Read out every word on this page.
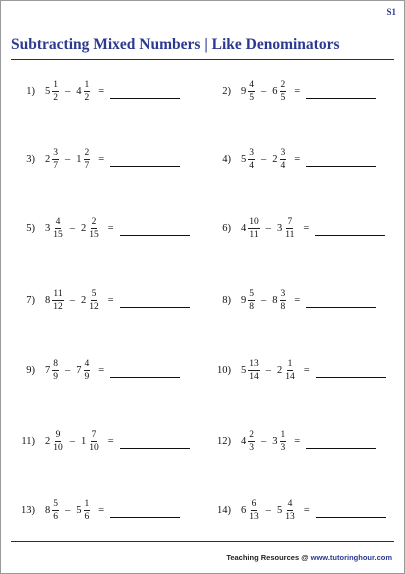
S1
Subtracting Mixed Numbers | Like Denominators
1) $5 \frac{1}{2} - 4 \frac{1}{2}$ =	2) $9 \frac{4}{5} - 6 \frac{2}{5}$ =
3) $2 \frac{3}{7} - 1 \frac{2}{7}$ =	4) $5 \frac{3}{4} - 2 \frac{3}{4}$ =
5) $3 \frac{4}{15} - 2 \frac{2}{15}$ =	6) $4 \frac{10}{11} - 3 \frac{7}{11}$ =
7) $8 \frac{11}{12} - 2 \frac{5}{12}$ =	8) $9 \frac{5}{8} - 8 \frac{3}{8}$ =
9) $7 \frac{8}{9} - 7 \frac{4}{9}$ =	10) $5 \frac{13}{14} - 2 \frac{1}{14}$ =
11) $2 \frac{9}{10} - 1 \frac{7}{10}$ =	12) $4 \frac{2}{3} - 3 \frac{1}{3}$ =
13) $8 \frac{5}{6} - 5 \frac{1}{6}$ =	14) $6 \frac{6}{13} - 5 \frac{4}{13}$ =
Teaching Resources @ www.tutoringhour.com
